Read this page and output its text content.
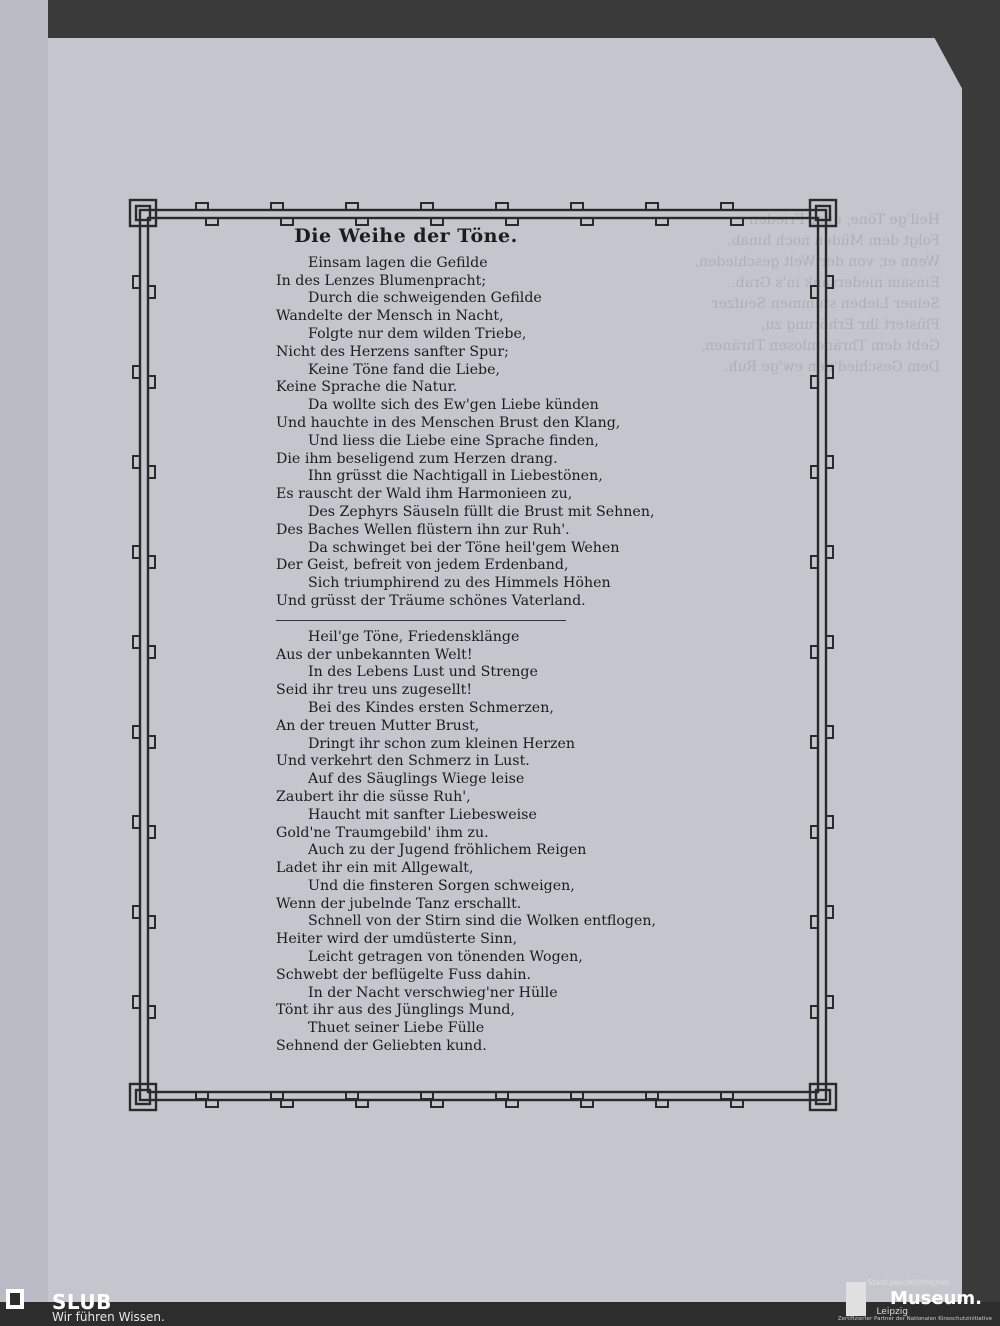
Heil'ge Töne, euer Frieden
Folgt dem Müden noch hinab,
Wenn er, von der Welt geschieden,
Einsam niedersank in's Grab.
Seiner Lieben stummen Seufzer
Flüstert ihr Erhörung zu,
Gebt dem Thränenlosen Thränen,
Dem Geschied'nen ew'ge Ruh.
Die Weihe der Töne.
Einsam lagen die Gefilde
In des Lenzes Blumenpracht;
Durch die schweigenden Gefilde
Wandelte der Mensch in Nacht,
Folgte nur dem wilden Triebe,
Nicht des Herzens sanfter Spur;
Keine Töne fand die Liebe,
Keine Sprache die Natur.
Da wollte sich des Ew'gen Liebe künden
Und hauchte in des Menschen Brust den Klang,
Und liess die Liebe eine Sprache finden,
Die ihm beseligend zum Herzen drang.
Ihn grüsst die Nachtigall in Liebestönen,
Es rauscht der Wald ihm Harmonieen zu,
Des Zephyrs Säuseln füllt die Brust mit Sehnen,
Des Baches Wellen flüstern ihn zur Ruh'.
Da schwinget bei der Töne heil'gem Wehen
Der Geist, befreit von jedem Erdenband,
Sich triumphirend zu des Himmels Höhen
Und grüsst der Träume schönes Vaterland.
Heil'ge Töne, Friedensklänge
Aus der unbekannten Welt!
In des Lebens Lust und Strenge
Seid ihr treu uns zugesellt!
Bei des Kindes ersten Schmerzen,
An der treuen Mutter Brust,
Dringt ihr schon zum kleinen Herzen
Und verkehrt den Schmerz in Lust.
Auf des Säuglings Wiege leise
Zaubert ihr die süsse Ruh',
Haucht mit sanfter Liebesweise
Gold'ne Traumgebild' ihm zu.
Auch zu der Jugend fröhlichem Reigen
Ladet ihr ein mit Allgewalt,
Und die finsteren Sorgen schweigen,
Wenn der jubelnde Tanz erschallt.
Schnell von der Stirn sind die Wolken entflogen,
Heiter wird der umdüsterte Sinn,
Leicht getragen von tönenden Wogen,
Schwebt der beflügelte Fuss dahin.
In der Nacht verschwieg'ner Hülle
Tönt ihr aus des Jünglings Mund,
Thuet seiner Liebe Fülle
Sehnend der Geliebten kund.
SLUB
Wir führen Wissen.
Stadtgeschichtliches
Museum.
Leipzig
Zertifizierter Partner der Nationalen Kinoschutzinitiative
